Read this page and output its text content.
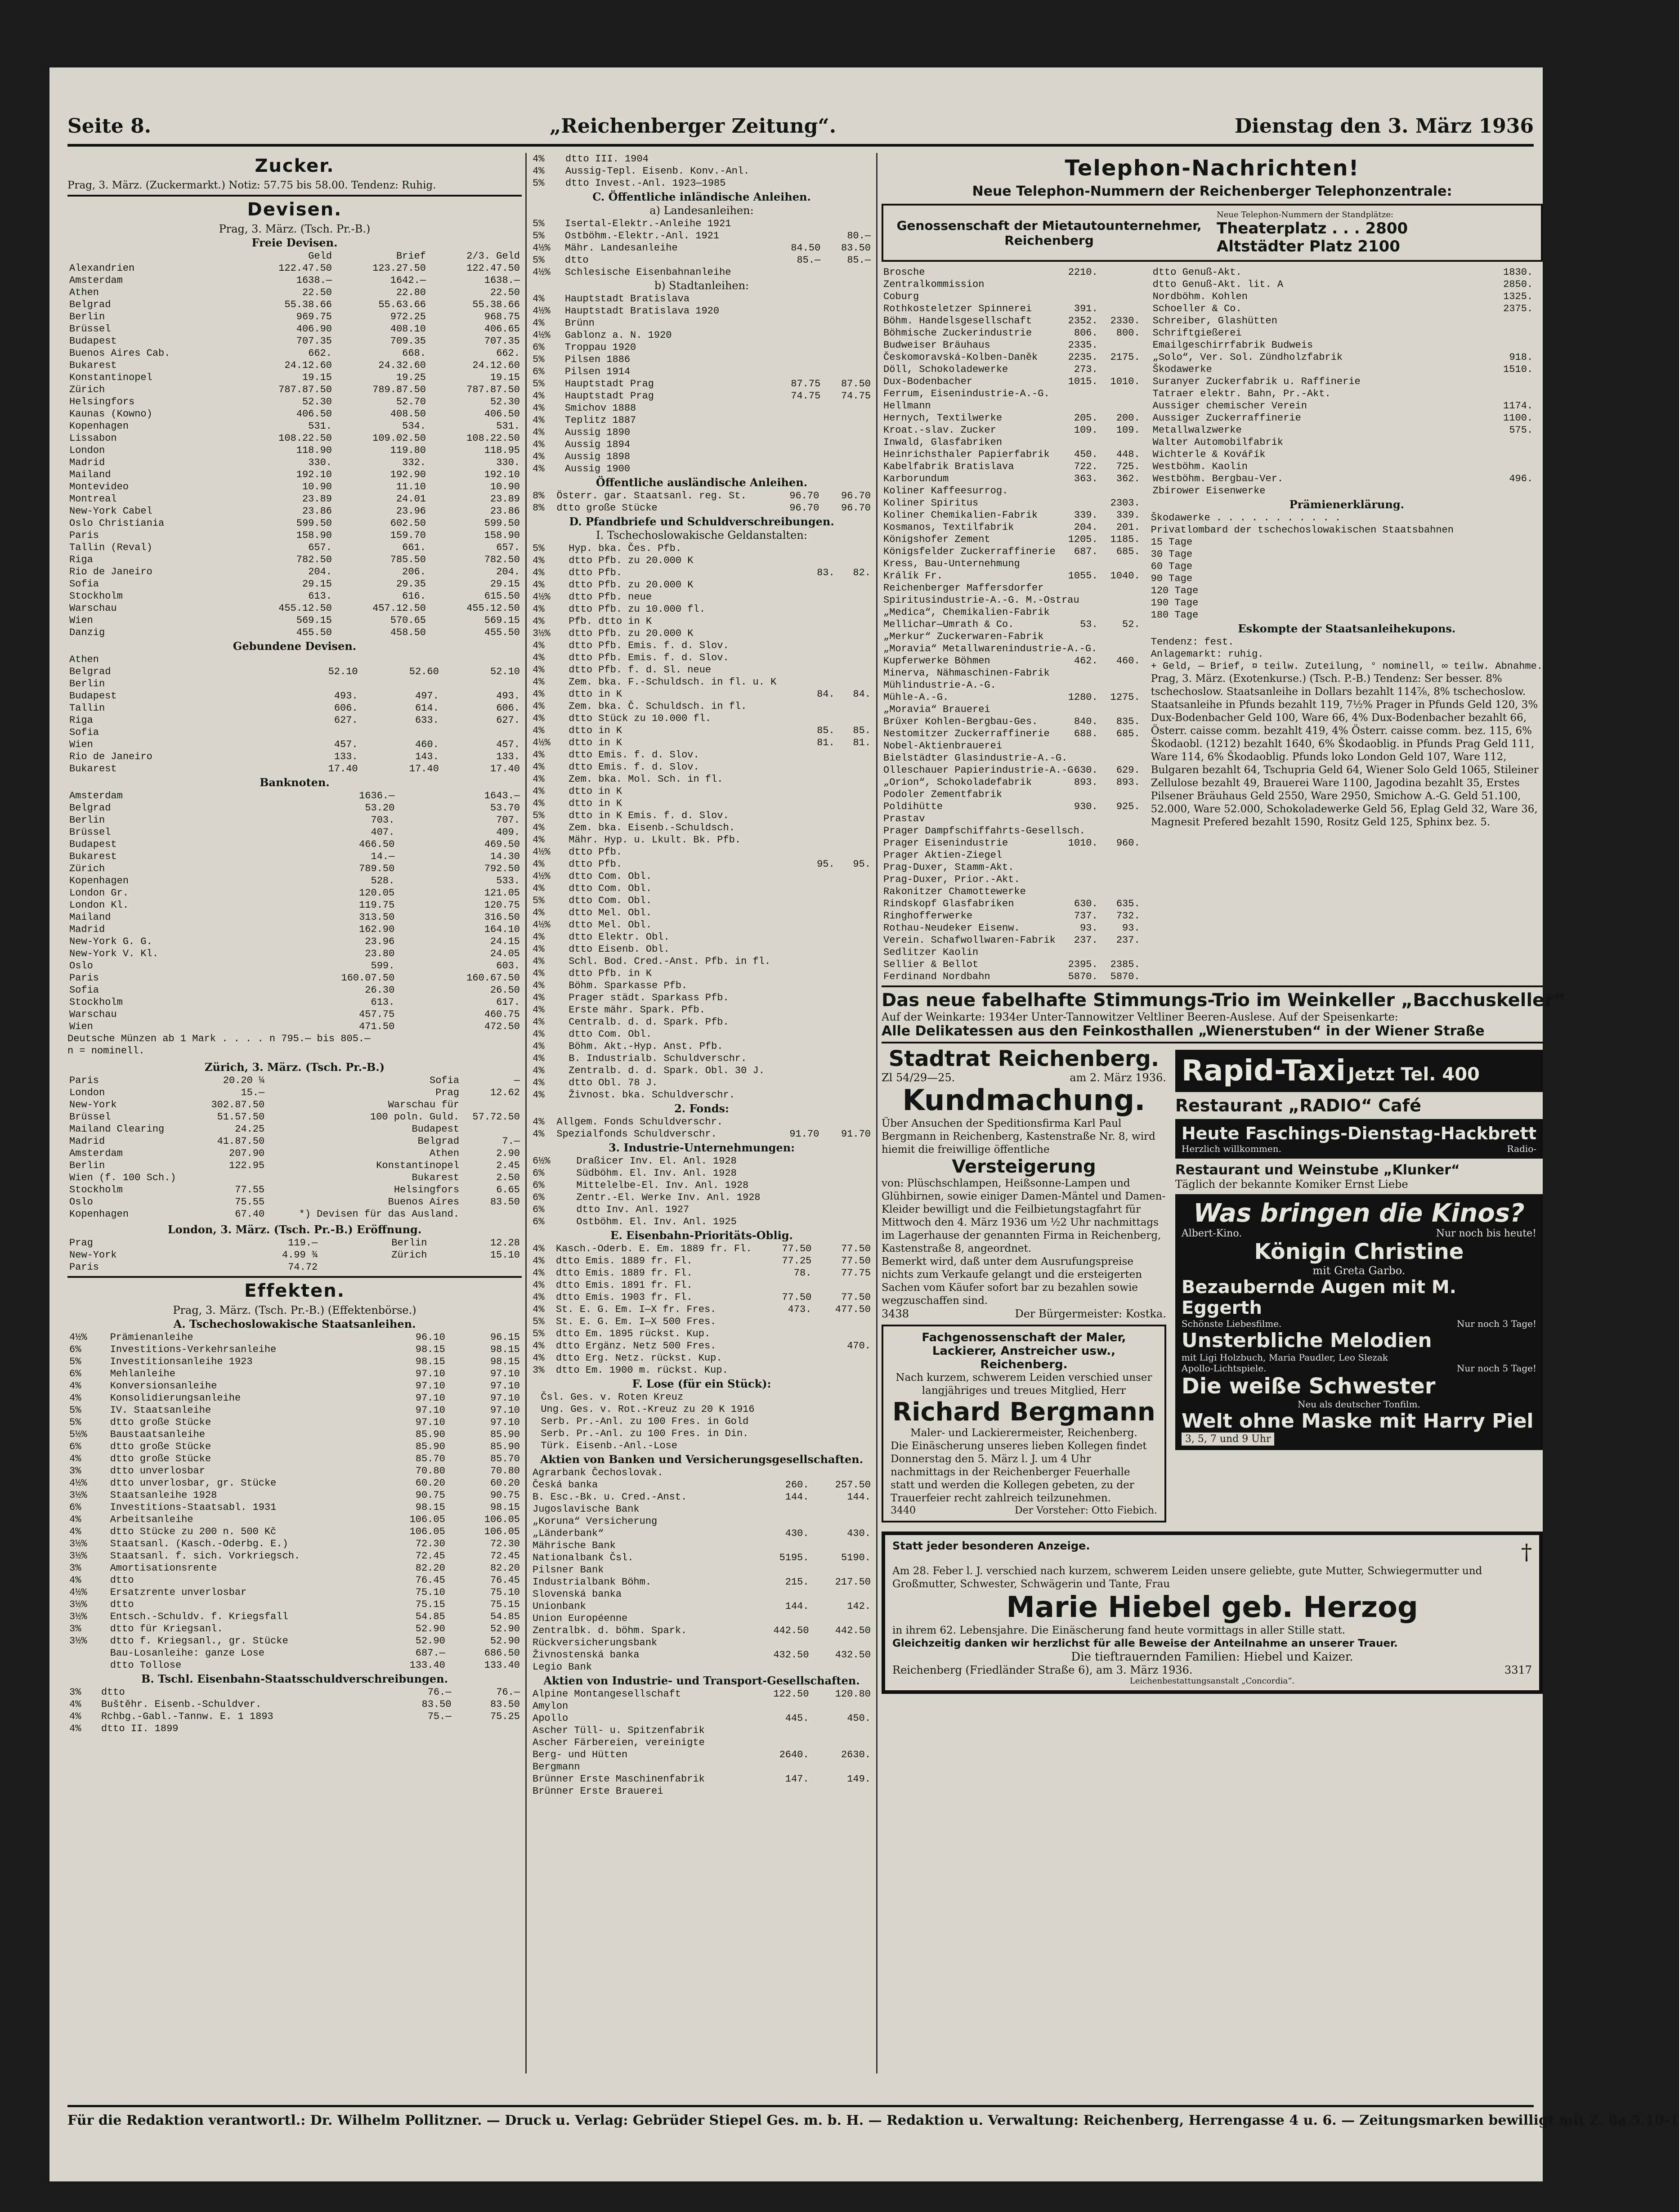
Seite 8.	„Reichenberger Zeitung“.	Dienstag den 3. März 1936
Zucker.
Prag, 3. März. (Zuckermarkt.) Notiz: 57.75 bis 58.00. Tendenz: Ruhig.
Devisen.
Prag, 3. März. (Tsch. Pr.-B.)
Freie Devisen.
	Geld	Brief	2/3. Geld
Alexandrien	122.47.50	123.27.50	122.47.50
Amsterdam	1638.—	1642.—	1638.—
Athen	22.50	22.80	22.50
Belgrad	55.38.66	55.63.66	55.38.66
Berlin	969.75	972.25	968.75
Brüssel	406.90	408.10	406.65
Budapest	707.35	709.35	707.35
Buenos Aires Cab.	662.	668.	662.
Bukarest	24.12.60	24.32.60	24.12.60
Konstantinopel	19.15	19.25	19.15
Zürich	787.87.50	789.87.50	787.87.50
Helsingfors	52.30	52.70	52.30
Kaunas (Kowno)	406.50	408.50	406.50
Kopenhagen	531.	534.	531.
Lissabon	108.22.50	109.02.50	108.22.50
London	118.90	119.80	118.95
Madrid	330.	332.	330.
Mailand	192.10	192.90	192.10
Montevideo	10.90	11.10	10.90
Montreal	23.89	24.01	23.89
New-York Cabel	23.86	23.96	23.86
Oslo Christiania	599.50	602.50	599.50
Paris	158.90	159.70	158.90
Tallin (Reval)	657.	661.	657.
Riga	782.50	785.50	782.50
Rio de Janeiro	204.	206.	204.
Sofia	29.15	29.35	29.15
Stockholm	613.	616.	615.50
Warschau	455.12.50	457.12.50	455.12.50
Wien	569.15	570.65	569.15
Danzig	455.50	458.50	455.50
Gebundene Devisen.
Athen			
Belgrad	52.10	52.60	52.10
Berlin			
Budapest	493.	497.	493.
Tallin	606.	614.	606.
Riga	627.	633.	627.
Sofia			
Wien	457.	460.	457.
Rio de Janeiro	133.	143.	133.
Bukarest	17.40	17.40	17.40
Banknoten.
Amsterdam	1636.—	1643.—
Belgrad	53.20	53.70
Berlin	703.	707.
Brüssel	407.	409.
Budapest	466.50	469.50
Bukarest	14.—	14.30
Zürich	789.50	792.50
Kopenhagen	528.	533.
London Gr.	120.05	121.05
London Kl.	119.75	120.75
Mailand	313.50	316.50
Madrid	162.90	164.10
New-York G. G.	23.96	24.15
New-York V. Kl.	23.80	24.05
Oslo	599.	603.
Paris	160.07.50	160.67.50
Sofia	26.30	26.50
Stockholm	613.	617.
Warschau	457.75	460.75
Wien	471.50	472.50
Deutsche Münzen ab 1 Mark . . . . n 795.— bis 805.—
n = nominell.
Zürich, 3. März. (Tsch. Pr.-B.)
Paris	20.20 ¼	Sofia	—
London	15.—	Prag	12.62
New-York	302.87.50	Warschau für	
Brüssel	51.57.50	100 poln. Guld.	57.72.50
Mailand Clearing	24.25	Budapest	
Madrid	41.87.50	Belgrad	7.—
Amsterdam	207.90	Athen	2.90
Berlin	122.95	Konstantinopel	2.45
Wien (f. 100 Sch.)		Bukarest	2.50
Stockholm	77.55	Helsingfors	6.65
Oslo	75.55	Buenos Aires	83.50
Kopenhagen	67.40	*) Devisen für das Ausland.	
London, 3. März. (Tsch. Pr.-B.) Eröffnung.
Prag	119.—	Berlin	12.28
New-York	4.99 ¾	Zürich	15.10
Paris	74.72		
Effekten.
Prag, 3. März. (Tsch. Pr.-B.) (Effektenbörse.)
A. Tschechoslowakische Staatsanleihen.
4½%	Prämienanleihe	96.10	96.15
6%	Investitions-Verkehrsanleihe	98.15	98.15
5%	Investitionsanleihe 1923	98.15	98.15
6%	Mehlanleihe	97.10	97.10
4%	Konversionsanleihe	97.10	97.10
4%	Konsolidierungsanleihe	97.10	97.10
5%	IV. Staatsanleihe	97.10	97.10
5%	dtto große Stücke	97.10	97.10
5½%	Baustaatsanleihe	85.90	85.90
6%	dtto große Stücke	85.90	85.90
4%	dtto große Stücke	85.70	85.70
3%	dtto unverlosbar	70.80	70.80
4½%	dtto unverlosbar, gr. Stücke	60.20	60.20
3½%	Staatsanleihe 1928	90.75	90.75
6%	Investitions-Staatsabl. 1931	98.15	98.15
4%	Arbeitsanleihe	106.05	106.05
4%	dtto Stücke zu 200 n. 500 Kč	106.05	106.05
3½%	Staatsanl. (Kasch.-Oderbg. E.)	72.30	72.30
3½%	Staatsanl. f. sich. Vorkriegsch.	72.45	72.45
3%	Amortisationsrente	82.20	82.20
4%	dtto	76.45	76.45
4½%	Ersatzrente unverlosbar	75.10	75.10
3½%	dtto	75.15	75.15
3½%	Entsch.-Schuldv. f. Kriegsfall	54.85	54.85
3%	dtto für Kriegsanl.	52.90	52.90
3½%	dtto f. Kriegsanl., gr. Stücke	52.90	52.90
	Bau-Losanleihe: ganze Lose	687.—	686.50
	dtto Tollose	133.40	133.40
B. Tschl. Eisenbahn-Staatsschuldverschreibungen.
3%	dtto	76.—	76.—
4%	Buštěhr. Eisenb.-Schuldver.	83.50	83.50
4%	Rchbg.-Gabl.-Tannw. E. 1 1893	75.—	75.25
4%	dtto II. 1899		
4%	dtto III. 1904		
4%	Aussig-Tepl. Eisenb. Konv.-Anl.		
5%	dtto Invest.-Anl. 1923—1985		
C. Öffentliche inländische Anleihen.
a) Landesanleihen:
5%	Isertal-Elektr.-Anleihe 1921		
5%	Ostböhm.-Elektr.-Anl. 1921		80.—
4½%	Mähr. Landesanleihe	84.50	83.50
5%	dtto	85.—	85.—
4½%	Schlesische Eisenbahnanleihe		
b) Stadtanleihen:
4%	Hauptstadt Bratislava		
4½%	Hauptstadt Bratislava 1920		
4%	Brünn		
4½%	Gablonz a. N. 1920		
6%	Troppau 1920		
5%	Pilsen 1886		
6%	Pilsen 1914		
5%	Hauptstadt Prag	87.75	87.50
4%	Hauptstadt Prag	74.75	74.75
4%	Smichov 1888		
4%	Teplitz 1887		
4%	Aussig 1890		
4%	Aussig 1894		
4%	Aussig 1898		
4%	Aussig 1900		
Öffentliche ausländische Anleihen.
8%	Österr. gar. Staatsanl. reg. St.	96.70	96.70
8%	dtto große Stücke	96.70	96.70
D. Pfandbriefe und Schuldverschreibungen.
I. Tschechoslowakische Geldanstalten:
5%	Hyp. bka. Čes. Pfb.		
4%	dtto Pfb. zu 20.000 K		
4%	dtto Pfb.	83.	82.
4%	dtto Pfb. zu 20.000 K		
4½%	dtto Pfb. neue		
4%	dtto Pfb. zu 10.000 fl.		
4%	Pfb. dtto in K		
3½%	dtto Pfb. zu 20.000 K		
4%	dtto Pfb. Emis. f. d. Slov.		
4%	dtto Pfb. Emis. f. d. Slov.		
4%	dtto Pfb. f. d. Sl. neue		
4%	Zem. bka. F.-Schuldsch. in fl. u. K		
4%	dtto in K	84.	84.
4%	Zem. bka. Č. Schuldsch. in fl.		
4%	dtto Stück zu 10.000 fl.		
4%	dtto in K	85.	85.
4½%	dtto in K	81.	81.
4%	dtto Emis. f. d. Slov.		
4%	dtto Emis. f. d. Slov.		
4%	Zem. bka. Mol. Sch. in fl.		
4%	dtto in K		
4%	dtto in K		
5%	dtto in K Emis. f. d. Slov.		
4%	Zem. bka. Eisenb.-Schuldsch.		
4%	Mähr. Hyp. u. Lkult. Bk. Pfb.		
4½%	dtto Pfb.		
4%	dtto Pfb.	95.	95.
4½%	dtto Com. Obl.		
4%	dtto Com. Obl.		
5%	dtto Com. Obl.		
4%	dtto Mel. Obl.		
4½%	dtto Mel. Obl.		
4%	dtto Elektr. Obl.		
4%	dtto Eisenb. Obl.		
4%	Schl. Bod. Cred.-Anst. Pfb. in fl.		
4%	dtto Pfb. in K		
4%	Böhm. Sparkasse Pfb.		
4%	Prager städt. Sparkass Pfb.		
4%	Erste mähr. Spark. Pfb.		
4%	Centralb. d. d. Spark. Pfb.		
4%	dtto Com. Obl.		
4%	Böhm. Akt.-Hyp. Anst. Pfb.		
4%	B. Industrialb. Schuldverschr.		
4%	Zentralb. d. d. Spark. Obl. 30 J.		
4%	dtto Obl. 78 J.		
4%	Živnost. bka. Schuldverschr.		
2. Fonds:
4%	Allgem. Fonds Schuldverschr.		
4%	Spezialfonds Schuldverschr.	91.70	91.70
3. Industrie-Unternehmungen:
6½%	Draßicer Inv. El. Anl. 1928		
6%	Südböhm. El. Inv. Anl. 1928		
6%	Mittelelbe-El. Inv. Anl. 1928		
6%	Zentr.-El. Werke Inv. Anl. 1928		
6%	dtto Inv. Anl. 1927		
6%	Ostböhm. El. Inv. Anl. 1925		
E. Eisenbahn-Prioritäts-Oblig.
4%	Kasch.-Oderb. E. Em. 1889 fr. Fl.	77.50	77.50
4%	dtto Emis. 1889 fr. Fl.	77.25	77.50
4%	dtto Emis. 1889 fr. Fl.	78.	77.75
4%	dtto Emis. 1891 fr. Fl.		
4%	dtto Emis. 1903 fr. Fl.	77.50	77.50
4%	St. E. G. Em. I—X fr. Fres.	473.	477.50
5%	St. E. G. Em. I—X 500 Fres.		
5%	dtto Em. 1895 rückst. Kup.		
4%	dtto Ergänz. Netz 500 Fres.		470.
4%	dtto Erg. Netz. rückst. Kup.		
3%	dtto Em. 1900 m. rückst. Kup.		
F. Lose (für ein Stück):
	Čsl. Ges. v. Roten Kreuz		
	Ung. Ges. v. Rot.-Kreuz zu 20 K 1916		
	Serb. Pr.-Anl. zu 100 Fres. in Gold		
	Serb. Pr.-Anl. zu 100 Fres. in Din.		
	Türk. Eisenb.-Anl.-Lose		
Aktien von Banken und Versicherungsgesellschaften.
Agrarbank Čechoslovak.		
Česká banka	260.	257.50
B. Esc.-Bk. u. Cred.-Anst.	144.	144.
Jugoslavische Bank		
„Koruna“ Versicherung		
„Länderbank“	430.	430.
Mährische Bank		
Nationalbank Čsl.	5195.	5190.
Pilsner Bank		
Industrialbank Böhm.	215.	217.50
Slovenská banka		
Unionbank	144.	142.
Union Européenne		
Zentralbk. d. böhm. Spark.	442.50	442.50
Rückversicherungsbank		
Živnostenská banka	432.50	432.50
Legio Bank		
Aktien von Industrie- und Transport-Gesellschaften.
Alpine Montangesellschaft	122.50	120.80
Amylon		
Apollo	445.	450.
Ascher Tüll- u. Spitzenfabrik		
Ascher Färbereien, vereinigte		
Berg- und Hütten	2640.	2630.
Bergmann		
Brünner Erste Maschinenfabrik	147.	149.
Brünner Erste Brauerei		
Telephon-Nachrichten!
Neue Telephon-Nummern der Reichenberger Telephonzentrale:
Genossenschaft der Mietautounternehmer, Reichenberg
Neue Telephon-Nummern der Standplätze:
Theaterplatz . . . 2800
Altstädter Platz 2100
Brosche	2210.	
Zentralkommission		
Coburg		
Rothkosteletzer Spinnerei	391.	
Böhm. Handelsgesellschaft	2352.	2330.
Böhmische Zuckerindustrie	806.	800.
Budweiser Bräuhaus	2335.	
Českomoravská-Kolben-Daněk	2235.	2175.
Döll, Schokoladewerke	273.	
Dux-Bodenbacher	1015.	1010.
Ferrum, Eisenindustrie-A.-G.		
Hellmann		
Hernych, Textilwerke	205.	200.
Kroat.-slav. Zucker	109.	109.
Inwald, Glasfabriken		
Heinrichsthaler Papierfabrik	450.	448.
Kabelfabrik Bratislava	722.	725.
Karborundum	363.	362.
Koliner Kaffeesurrog.		
Koliner Spiritus		2303.
Koliner Chemikalien-Fabrik	339.	339.
Kosmanos, Textilfabrik	204.	201.
Königshofer Zement	1205.	1185.
Königsfelder Zuckerraffinerie	687.	685.
Kress, Bau-Unternehmung		
Králík Fr.	1055.	1040.
Reichenberger Maffersdorfer		
Spiritusindustrie-A.-G. M.-Ostrau		
„Medica“, Chemikalien-Fabrik		
Mellichar—Umrath & Co.	53.	52.
„Merkur“ Zuckerwaren-Fabrik		
„Moravia“ Metallwarenindustrie-A.-G.		
Kupferwerke Böhmen	462.	460.
Minerva, Nähmaschinen-Fabrik		
Mühlindustrie-A.-G.		
Mühle-A.-G.	1280.	1275.
„Moravia“ Brauerei		
Brüxer Kohlen-Bergbau-Ges.	840.	835.
Nestomitzer Zuckerraffinerie	688.	685.
Nobel-Aktienbrauerei		
Bielstädter Glasindustrie-A.-G.		
Olleschauer Papierindustrie-A.-G.	630.	629.
„Orion“, Schokoladefabrik	893.	893.
Podoler Zementfabrik		
Poldihütte	930.	925.
Prastav		
Prager Dampfschiffahrts-Gesellsch.		
Prager Eisenindustrie	1010.	960.
Prager Aktien-Ziegel		
Prag-Duxer, Stamm-Akt.		
Prag-Duxer, Prior.-Akt.		
Rakonitzer Chamottewerke		
Rindskopf Glasfabriken	630.	635.
Ringhofferwerke	737.	732.
Rothau-Neudeker Eisenw.	93.	93.
Verein. Schafwollwaren-Fabrik	237.	237.
Sedlitzer Kaolin		
Sellier & Bellot	2395.	2385.
Ferdinand Nordbahn	5870.	5870.
dtto Genuß-Akt.	1830.	
dtto Genuß-Akt. lit. A	2850.	
Nordböhm. Kohlen	1325.	
Schoeller & Co.	2375.	
Schreiber, Glashütten		
Schriftgießerei		
Emailgeschirrfabrik Budweis		
„Solo“, Ver. Sol. Zündholzfabrik	918.	
Škodawerke	1510.	
Suranyer Zuckerfabrik u. Raffinerie		
Tatraer elektr. Bahn, Pr.-Akt.		
Aussiger chemischer Verein	1174.	
Aussiger Zuckerraffinerie	1100.	
Metallwalzwerke	575.	
Walter Automobilfabrik		
Wichterle & Kovářík		
Westböhm. Kaolin		
Westböhm. Bergbau-Ver.	496.	
Zbirower Eisenwerke		
Prämienerklärung.
Škodawerke . . . . . . . . . . .
Privatlombard der tschechoslowakischen Staatsbahnen
15 Tage
30 Tage
60 Tage
90 Tage
120 Tage
190 Tage
180 Tage
Eskompte der Staatsanleihekupons.
Tendenz: fest.
Anlagemarkt: ruhig.
+ Geld, — Brief, ¤ teilw. Zuteilung, ° nominell, ∞ teilw. Abnahme.
Prag, 3. März. (Exotenkurse.) (Tsch. P.-B.) Tendenz: Ser besser. 8% tschechoslow. Staatsanleihe in Dollars bezahlt 114⅞, 8% tschechoslow. Staatsanleihe in Pfunds bezahlt 119, 7½% Prager in Pfunds Geld 120, 3% Dux-Bodenbacher Geld 100, Ware 66, 4% Dux-Bodenbacher bezahlt 66, Österr. caisse comm. bezahlt 419, 4% Österr. caisse comm. bez. 115, 6% Škodaobl. (1212) bezahlt 1640, 6% Škodaoblig. in Pfunds Prag Geld 111, Ware 114, 6% Škodaoblig. Pfunds loko London Geld 107, Ware 112, Bulgaren bezahlt 64, Tschupria Geld 64, Wiener Solo Geld 1065, Stileiner Zellulose bezahlt 49, Brauerei Ware 1100, Jagodina bezahlt 35, Erstes Pilsener Bräuhaus Geld 2550, Ware 2950, Smichow A.-G. Geld 51.100, 52.000, Ware 52.000, Schokoladewerke Geld 56, Eplag Geld 32, Ware 36, Magnesit Prefered bezahlt 1590, Rositz Geld 125, Sphinx bez. 5.
Das neue fabelhafte Stimmungs-Trio im Weinkeller „Bacchuskeller“
Auf der Weinkarte: 1934er Unter-Tannowitzer Veltliner Beeren-Auslese. Auf der Speisenkarte:
Alle Delikatessen aus den Feinkosthallen „Wienerstuben“ in der Wiener Straße
Stadtrat Reichenberg.
Zl 54/29—25.	am 2. März 1936.
Kundmachung.
Über Ansuchen der Speditionsfirma Karl Paul Bergmann in Reichenberg, Kastenstraße Nr. 8, wird hiemit die freiwillige öffentliche
Versteigerung
von: Plüschschlampen, Heißsonne-Lampen und Glühbirnen, sowie einiger Damen-Mäntel und Damen-Kleider bewilligt und die Feilbietungstagfahrt für Mittwoch den 4. März 1936 um ½2 Uhr nachmittags im Lagerhause der genannten Firma in Reichenberg, Kastenstraße 8, angeordnet.
Bemerkt wird, daß unter dem Ausrufungspreise nichts zum Verkaufe gelangt und die ersteigerten Sachen vom Käufer sofort bar zu bezahlen sowie wegzuschaffen sind.
3438	Der Bürgermeister: Kostka.
Fachgenossenschaft der Maler, Lackierer, Anstreicher usw., Reichenberg.
Nach kurzem, schwerem Leiden verschied unser langjähriges und treues Mitglied, Herr
Richard Bergmann
Maler- und Lackierermeister, Reichenberg.
Die Einäscherung unseres lieben Kollegen findet Donnerstag den 5. März l. J. um 4 Uhr nachmittags in der Reichenberger Feuerhalle statt und werden die Kollegen gebeten, zu der Trauerfeier recht zahlreich teilzunehmen.
3440	Der Vorsteher: Otto Fiebich.
Rapid-Taxi Jetzt Tel. 400
Restaurant „RADIO“ Café
Heute Faschings-Dienstag-Hackbrett
Herzlich willkommen.	Radio-
Restaurant und Weinstube „Klunker“
Täglich der bekannte Komiker Ernst Liebe
Was bringen die Kinos?
Albert-Kino.	Nur noch bis heute!
Königin Christine
mit Greta Garbo.
Bezaubernde Augen mit M. Eggerth
Schönste Liebesfilme.	Nur noch 3 Tage!
Unsterbliche Melodien
mit Ligi Holzbuch, Maria Paudler, Leo Slezak
Apollo-Lichtspiele.	Nur noch 5 Tage!
Die weiße Schwester
Neu als deutscher Tonfilm.
Welt ohne Maske mit Harry Piel
3, 5, 7 und 9 Uhr
Statt jeder besonderen Anzeige.	†
Am 28. Feber l. J. verschied nach kurzem, schwerem Leiden unsere geliebte, gute Mutter, Schwiegermutter und Großmutter, Schwester, Schwägerin und Tante, Frau
Marie Hiebel geb. Herzog
in ihrem 62. Lebensjahre. Die Einäscherung fand heute vormittags in aller Stille statt.
Gleichzeitig danken wir herzlichst für alle Beweise der Anteilnahme an unserer Trauer.
Die tieftrauernden Familien: Hiebel und Kaizer.
Reichenberg (Friedländer Straße 6), am 3. März 1936.	3317
Leichenbestattungsanstalt „Concordia“.
Für die Redaktion verantwortl.: Dr. Wilhelm Pollitzner. — Druck u. Verlag: Gebrüder Stiepel Ges. m. b. H. — Redaktion u. Verwaltung: Reichenberg, Herrengasse 4 u. 6. — Zeitungsmarken bewilligt mit Z. 8a.5.10-1
